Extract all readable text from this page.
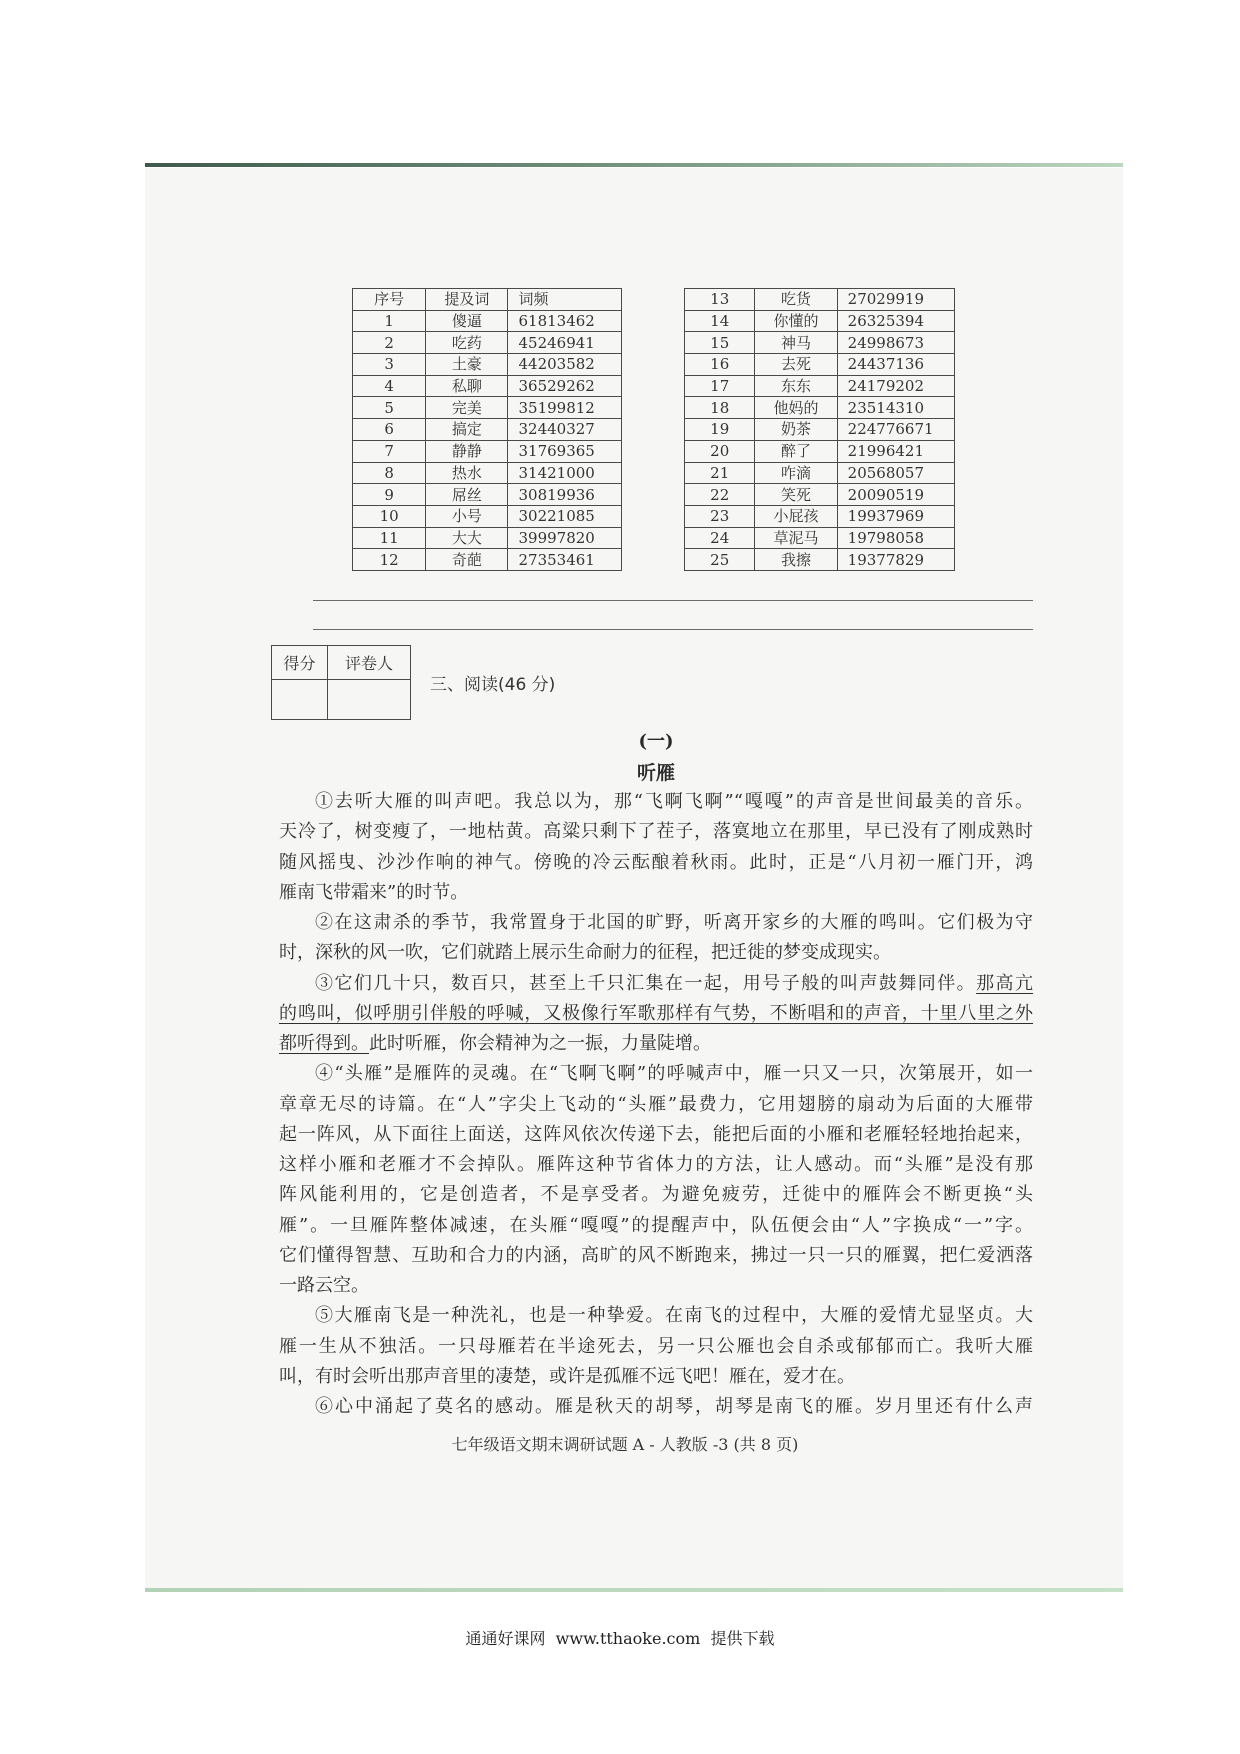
序号	提及词	词频
1	傻逼	61813462
2	吃药	45246941
3	土豪	44203582
4	私聊	36529262
5	完美	35199812
6	搞定	32440327
7	静静	31769365
8	热水	31421000
9	屌丝	30819936
10	小号	30221085
11	大大	39997820
12	奇葩	27353461
13	吃货	27029919
14	你懂的	26325394
15	神马	24998673
16	去死	24437136
17	东东	24179202
18	他妈的	23514310
19	奶茶	224776671
20	醉了	21996421
21	咋滴	20568057
22	笑死	20090519
23	小屁孩	19937969
24	草泥马	19798058
25	我擦	19377829
得分	评卷人

三、阅读(46 分)
(一)
听雁
①去听大雁的叫声吧。我总以为，那“飞啊飞啊”“嘎嘎”的声音是世间最美的音乐。
天冷了，树变瘦了，一地枯黄。高粱只剩下了茬子，落寞地立在那里，早已没有了刚成熟时
随风摇曳、沙沙作响的神气。傍晚的冷云酝酿着秋雨。此时，正是“八月初一雁门开，鸿
雁南飞带霜来”的时节。
②在这肃杀的季节，我常置身于北国的旷野，听离开家乡的大雁的鸣叫。它们极为守
时，深秋的风一吹，它们就踏上展示生命耐力的征程，把迁徙的梦变成现实。
③它们几十只，数百只，甚至上千只汇集在一起，用号子般的叫声鼓舞同伴。那高亢
的鸣叫，似呼朋引伴般的呼喊，又极像行军歌那样有气势，不断唱和的声音，十里八里之外
都听得到。此时听雁，你会精神为之一振，力量陡增。
④“头雁”是雁阵的灵魂。在“飞啊飞啊”的呼喊声中，雁一只又一只，次第展开，如一
章章无尽的诗篇。在“人”字尖上飞动的“头雁”最费力，它用翅膀的扇动为后面的大雁带
起一阵风，从下面往上面送，这阵风依次传递下去，能把后面的小雁和老雁轻轻地抬起来，
这样小雁和老雁才不会掉队。雁阵这种节省体力的方法，让人感动。而“头雁”是没有那
阵风能利用的，它是创造者，不是享受者。为避免疲劳，迁徙中的雁阵会不断更换“头
雁”。一旦雁阵整体减速，在头雁“嘎嘎”的提醒声中，队伍便会由“人”字换成“一”字。
它们懂得智慧、互助和合力的内涵，高旷的风不断跑来，拂过一只一只的雁翼，把仁爱洒落
一路云空。
⑤大雁南飞是一种洗礼，也是一种挚爱。在南飞的过程中，大雁的爱情尤显坚贞。大
雁一生从不独活。一只母雁若在半途死去，另一只公雁也会自杀或郁郁而亡。我听大雁
叫，有时会听出那声音里的凄楚，或许是孤雁不远飞吧！雁在，爱才在。
⑥心中涌起了莫名的感动。雁是秋天的胡琴，胡琴是南飞的雁。岁月里还有什么声
七年级语文期末调研试题 A - 人教版 -3 (共 8 页)
通通好课网  www.tthaoke.com  提供下载
